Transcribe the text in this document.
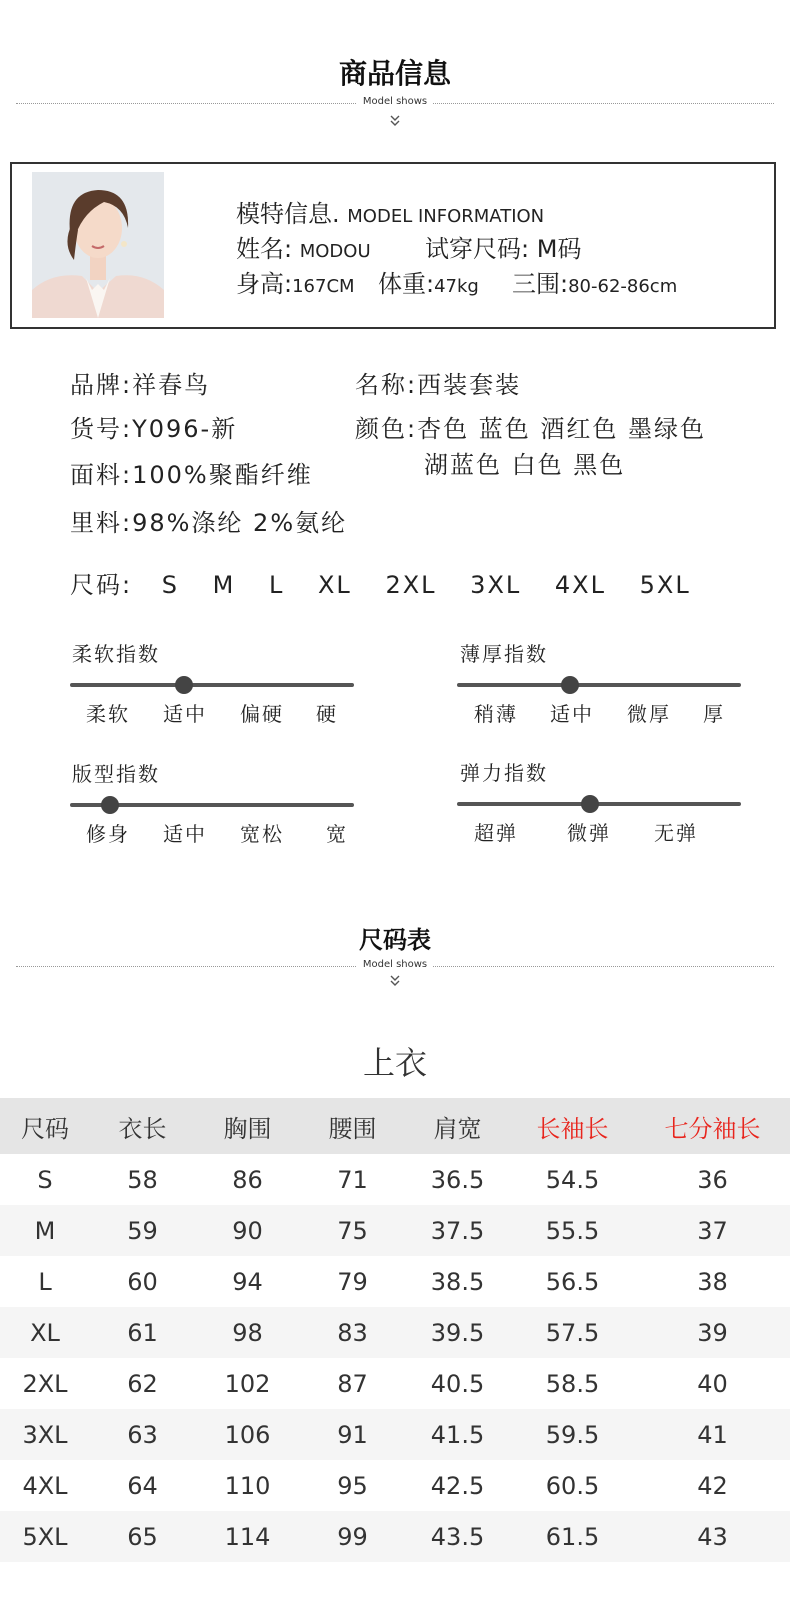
商品信息
Model shows
模特信息. MODEL INFORMATION
姓名: MODOU 试穿尺码: M码
身高:167CM 体重:47kg 三围:80-62-86cm
品牌:祥春鸟
货号:Y096-新
面料:100%聚酯纤维
里料:98%涤纶 2%氨纶
名称:西装套装
颜色:杏色 蓝色 酒红色 墨绿色
湖蓝色 白色 黑色
尺码: S M L XL 2XL 3XL 4XL 5XL
柔软指数
柔软 适中 偏硬 硬
薄厚指数
稍薄 适中 微厚 厚
版型指数
修身 适中 宽松 宽
弹力指数
超弹 微弹 无弹
尺码表
Model shows
上衣
尺码	衣长	胸围	腰围	肩宽	长袖长	七分袖长
S	58	86	71	36.5	54.5	36
M	59	90	75	37.5	55.5	37
L	60	94	79	38.5	56.5	38
XL	61	98	83	39.5	57.5	39
2XL	62	102	87	40.5	58.5	40
3XL	63	106	91	41.5	59.5	41
4XL	64	110	95	42.5	60.5	42
5XL	65	114	99	43.5	61.5	43
